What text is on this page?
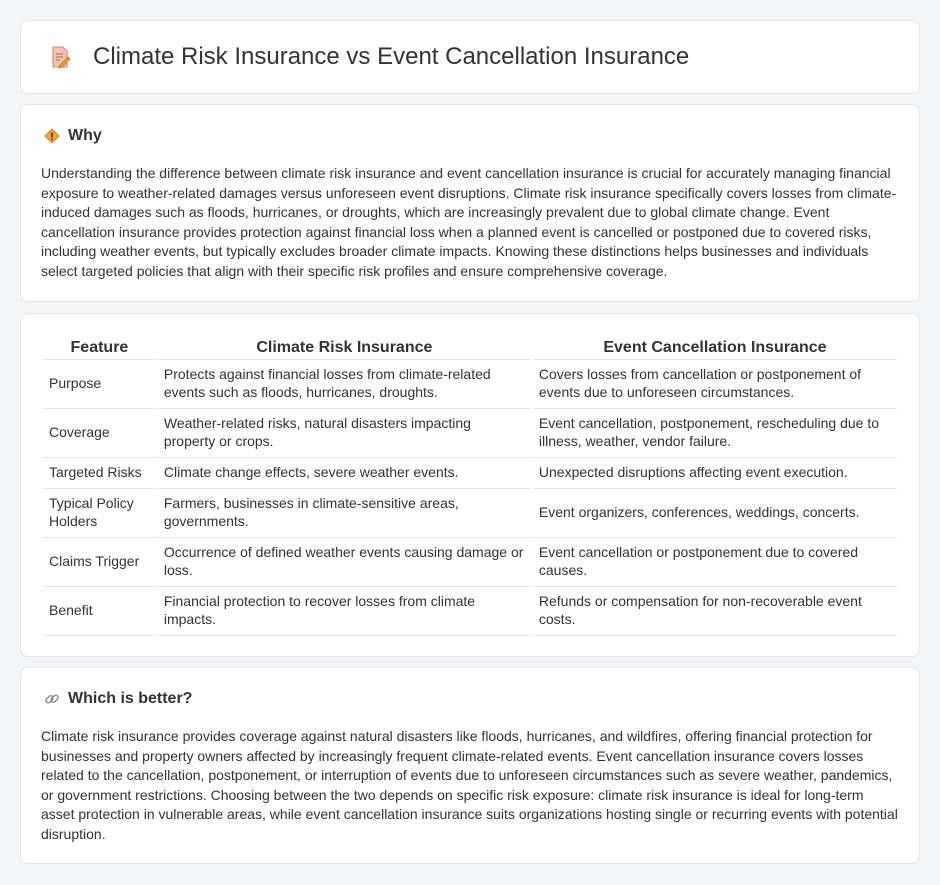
Climate Risk Insurance vs Event Cancellation Insurance
Why

Understanding the difference between climate risk insurance and event cancellation insurance is crucial for accurately managing financial exposure to weather-related damages versus unforeseen event disruptions. Climate risk insurance specifically covers losses from climate-induced damages such as floods, hurricanes, or droughts, which are increasingly prevalent due to global climate change. Event cancellation insurance provides protection against financial loss when a planned event is cancelled or postponed due to covered risks, including weather events, but typically excludes broader climate impacts. Knowing these distinctions helps businesses and individuals select targeted policies that align with their specific risk profiles and ensure comprehensive coverage.

Feature	Climate Risk Insurance	Event Cancellation Insurance
Purpose	Protects against financial losses from climate-related events such as floods, hurricanes, droughts.	Covers losses from cancellation or postponement of events due to unforeseen circumstances.
Coverage	Weather-related risks, natural disasters impacting property or crops.	Event cancellation, postponement, rescheduling due to illness, weather, vendor failure.
Targeted Risks	Climate change effects, severe weather events.	Unexpected disruptions affecting event execution.
Typical Policy Holders	Farmers, businesses in climate-sensitive areas, governments.	Event organizers, conferences, weddings, concerts.
Claims Trigger	Occurrence of defined weather events causing damage or loss.	Event cancellation or postponement due to covered causes.
Benefit	Financial protection to recover losses from climate impacts.	Refunds or compensation for non-recoverable event costs.
Which is better?

Climate risk insurance provides coverage against natural disasters like floods, hurricanes, and wildfires, offering financial protection for businesses and property owners affected by increasingly frequent climate-related events. Event cancellation insurance covers losses related to the cancellation, postponement, or interruption of events due to unforeseen circumstances such as severe weather, pandemics, or government restrictions. Choosing between the two depends on specific risk exposure: climate risk insurance is ideal for long-term asset protection in vulnerable areas, while event cancellation insurance suits organizations hosting single or recurring events with potential disruption.
